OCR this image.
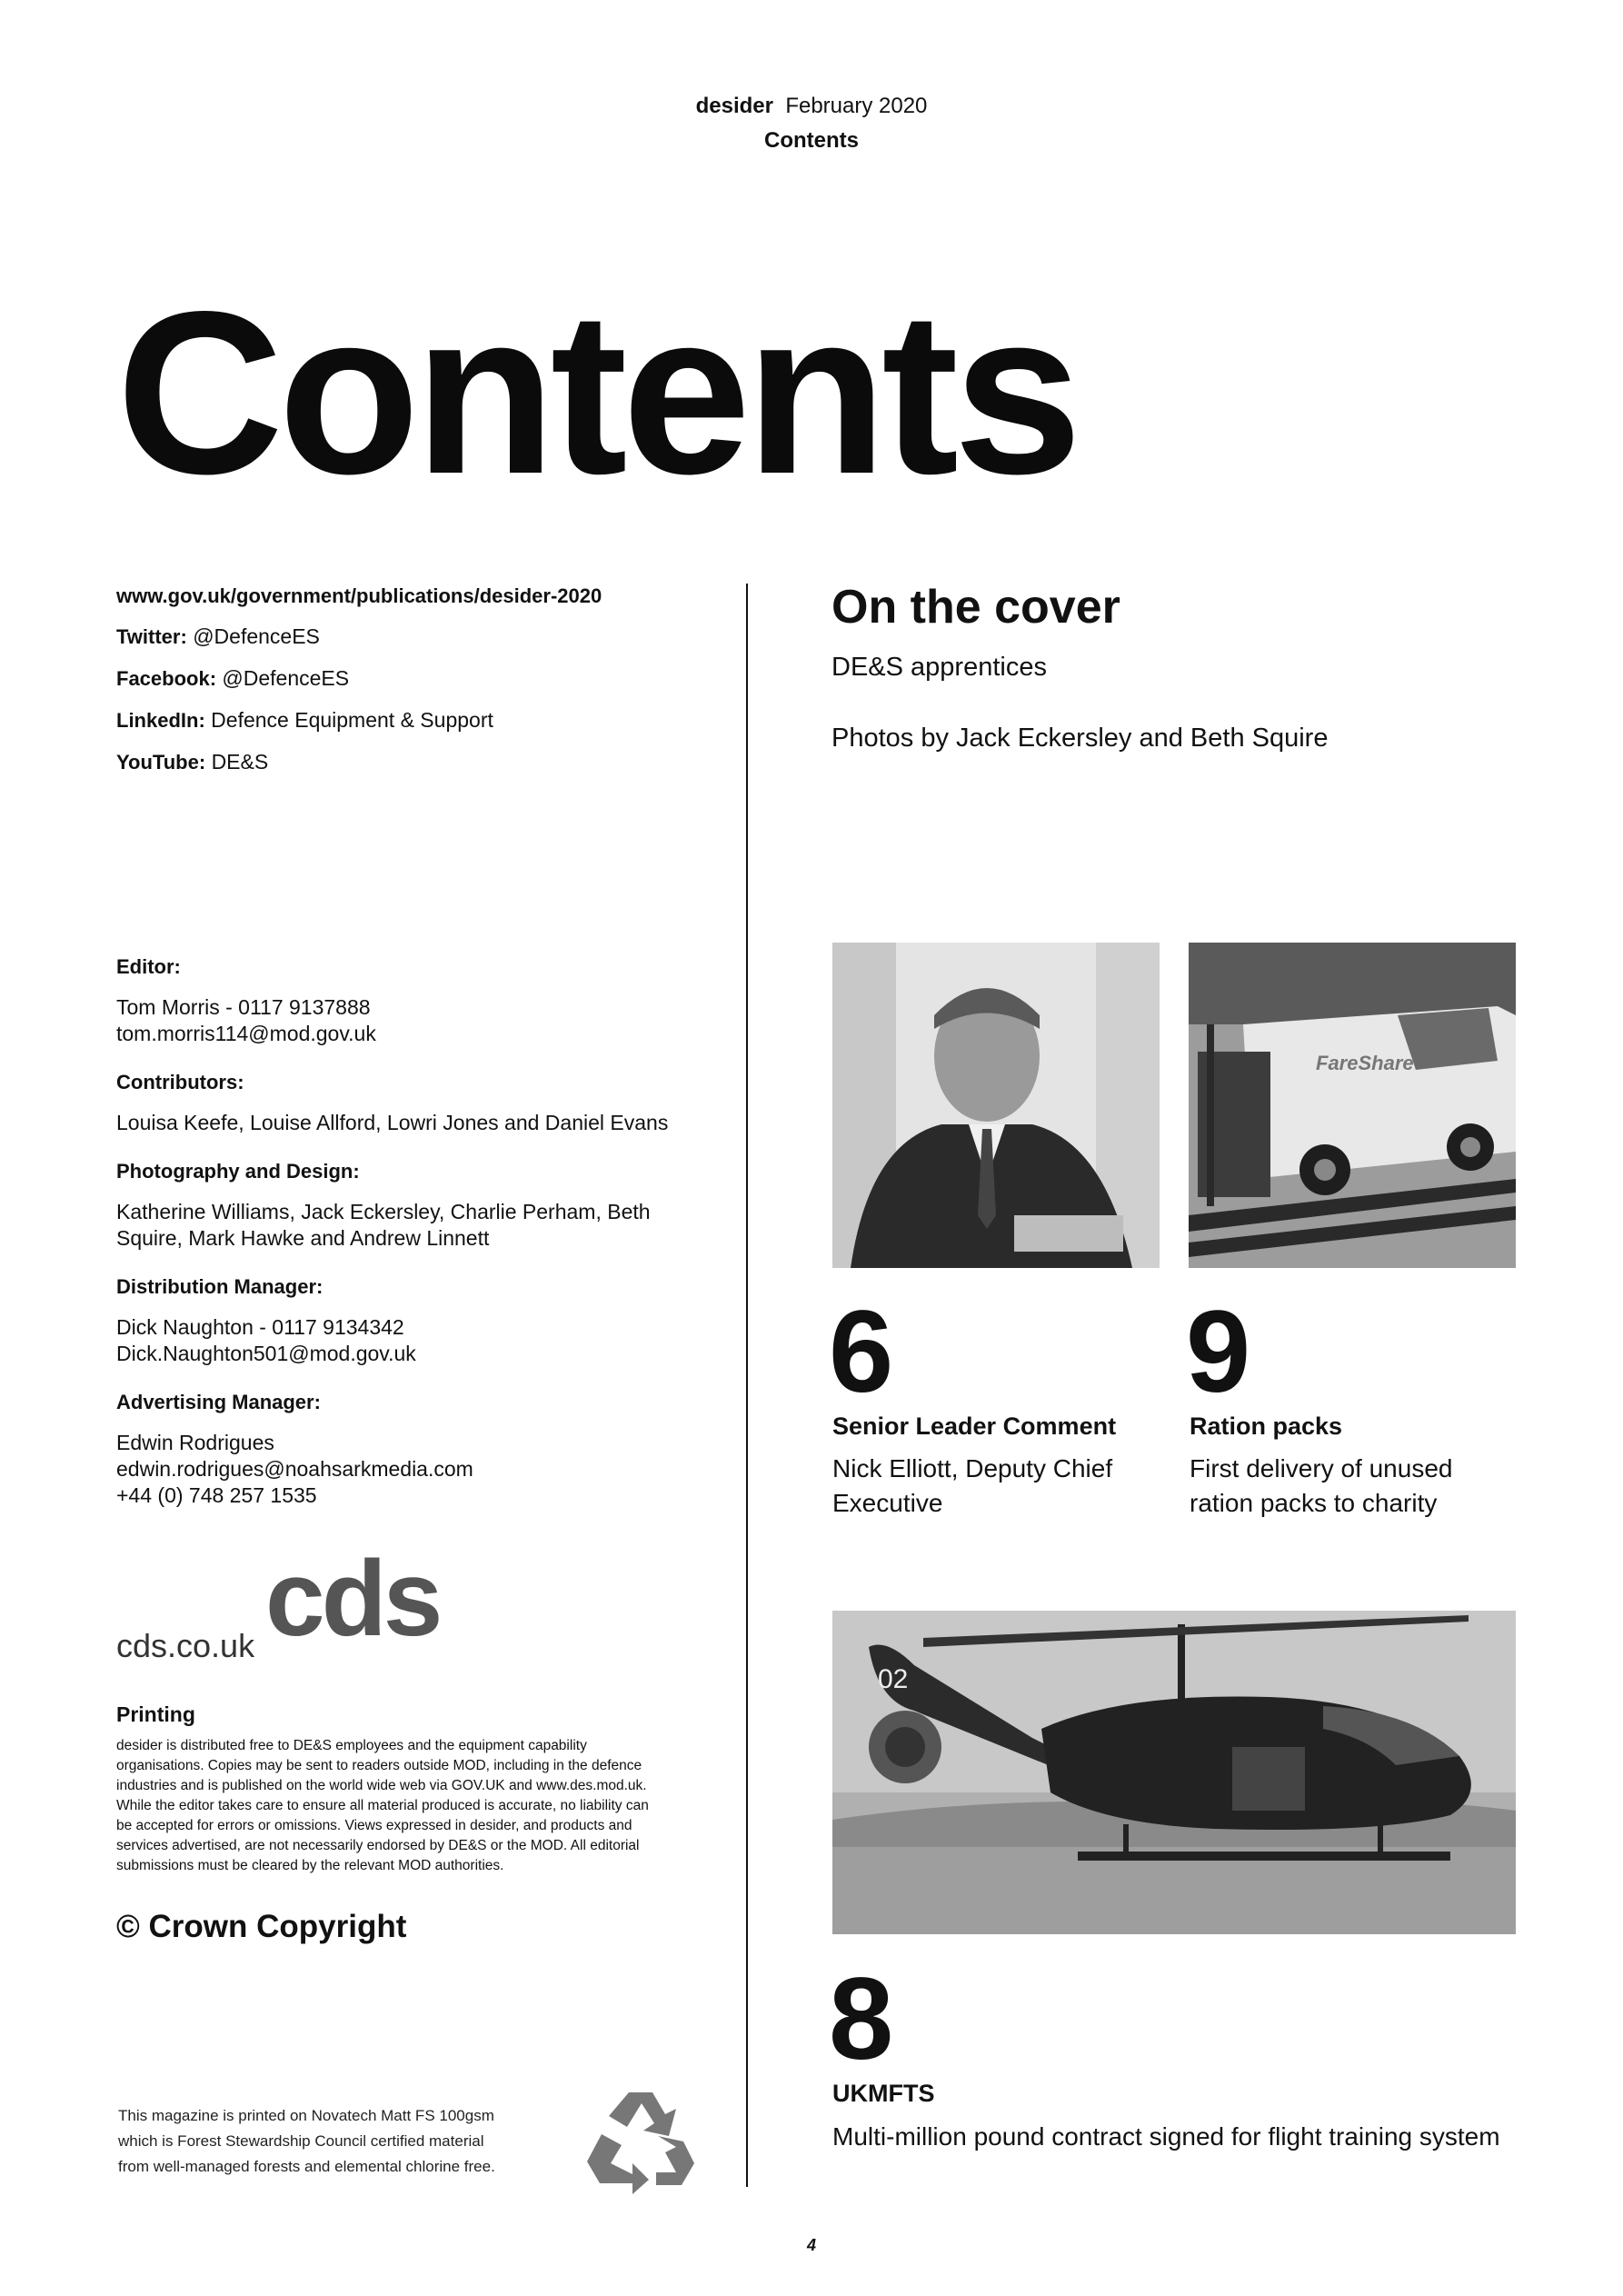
desider February 2020
Contents
Contents
www.gov.uk/government/publications/desider-2020
Twitter: @DefenceES
Facebook: @DefenceES
LinkedIn: Defence Equipment & Support
YouTube: DE&S
Editor:
Tom Morris - 0117 9137888
tom.morris114@mod.gov.uk
Contributors:
Louisa Keefe, Louise Allford, Lowri Jones and Daniel Evans
Photography and Design:
Katherine Williams, Jack Eckersley, Charlie Perham, Beth
Squire, Mark Hawke and Andrew Linnett
Distribution Manager:
Dick Naughton - 0117 9134342
Dick.Naughton501@mod.gov.uk
Advertising Manager:
Edwin Rodrigues
edwin.rodrigues@noahsarkmedia.com
+44 (0) 748 257 1535
cds.co.uk cds
Printing
desider is distributed free to DE&S employees and the equipment capability
organisations. Copies may be sent to readers outside MOD, including in the defence
industries and is published on the world wide web via GOV.UK and www.des.mod.uk.
While the editor takes care to ensure all material produced is accurate, no liability can
be accepted for errors or omissions. Views expressed in desider, and products and
services advertised, are not necessarily endorsed by DE&S or the MOD. All editorial
submissions must be cleared by the relevant MOD authorities.
© Crown Copyright
This magazine is printed on Novatech Matt FS 100gsm
which is Forest Stewardship Council certified material
from well-managed forests and elemental chlorine free.
On the cover
DE&S apprentices
Photos by Jack Eckersley and Beth Squire
FareShare
6
Senior Leader Comment
Nick Elliott, Deputy Chief
Executive
9
Ration packs
First delivery of unused
ration packs to charity
02
8
UKMFTS
Multi-million pound contract signed for flight training system
4
